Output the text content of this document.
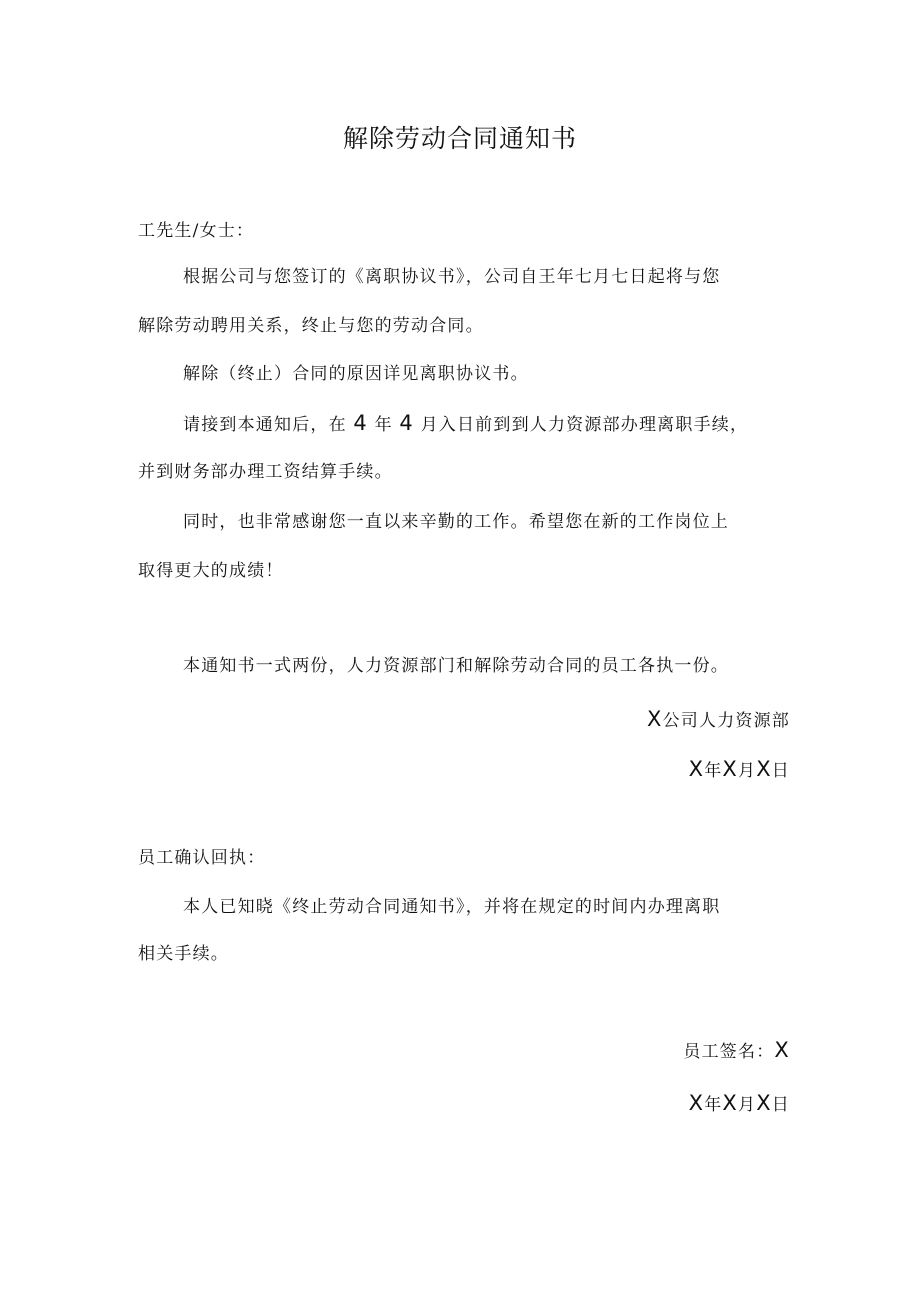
解除劳动合同通知书
工先生/女士：
根据公司与您签订的《离职协议书》，公司自王年七月七日起将与您
解除劳动聘用关系，终止与您的劳动合同。
解除（终止）合同的原因详见离职协议书。
请接到本通知后，在 4 年 4 月入日前到到人力资源部办理离职手续，
并到财务部办理工资结算手续。
同时，也非常感谢您一直以来辛勤的工作。希望您在新的工作岗位上
取得更大的成绩！
本通知书一式两份，人力资源部门和解除劳动合同的员工各执一份。
X公司人力资源部
X年X月X日
员工确认回执：
本人已知晓《终止劳动合同通知书》，并将在规定的时间内办理离职
相关手续。
员工签名：X
X年X月X日
